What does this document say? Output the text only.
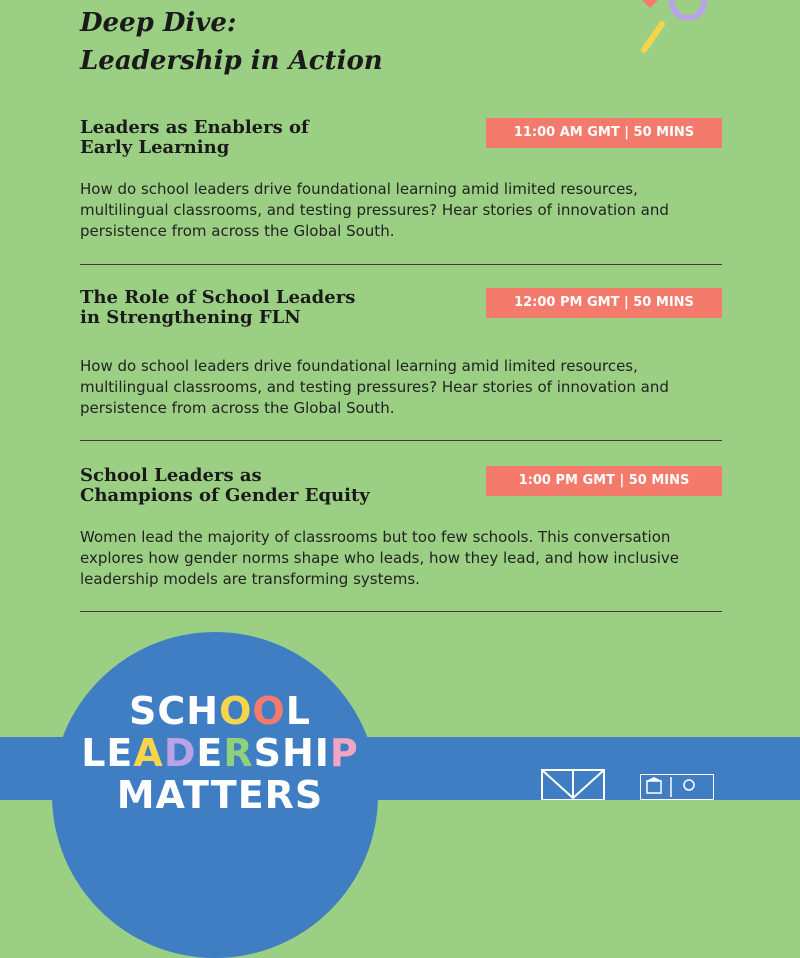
Deep Dive:
Leadership in Action
Leaders as Enablers of
Early Learning
11:00 AM GMT | 50 MINS

How do school leaders drive foundational learning amid limited resources, multilingual classrooms, and testing pressures? Hear stories of innovation and persistence from across the Global South.

The Role of School Leaders
in Strengthening FLN
12:00 PM GMT | 50 MINS

How do school leaders drive foundational learning amid limited resources, multilingual classrooms, and testing pressures? Hear stories of innovation and persistence from across the Global South.

School Leaders as
Champions of Gender Equity
1:00 PM GMT | 50 MINS

Women lead the majority of classrooms but too few schools. This conversation explores how gender norms shape who leads, how they lead, and how inclusive leadership models are transforming systems.

SCHOOL
LEADERSHIP
MATTERS
